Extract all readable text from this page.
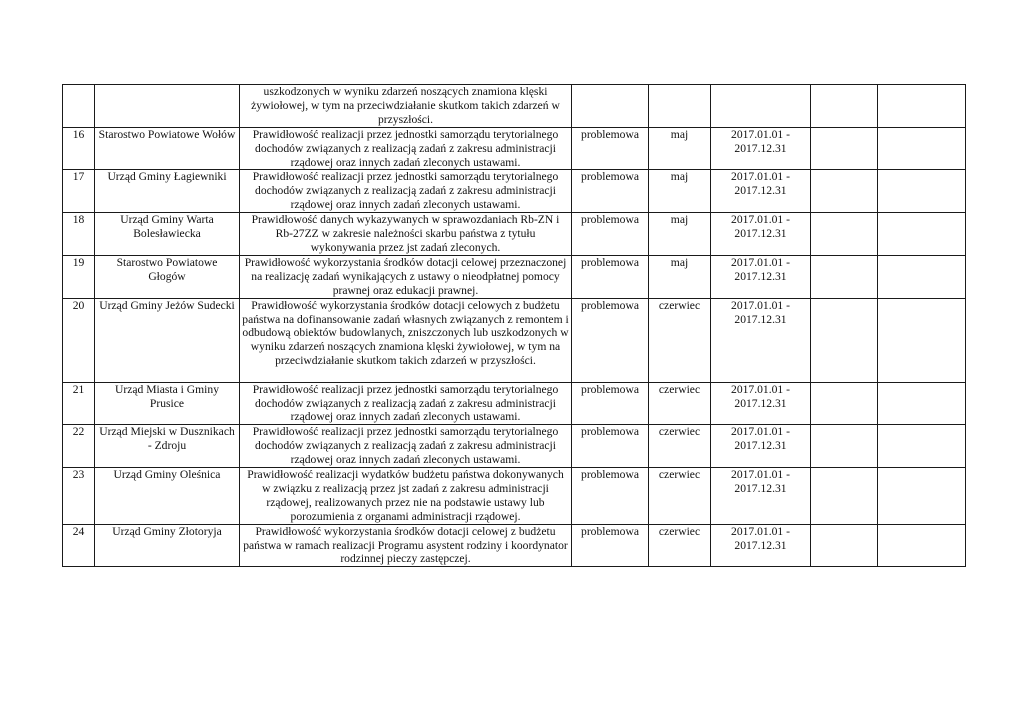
		uszkodzonych w wyniku zdarzeń noszących znamiona klęski żywiołowej, w tym na przeciwdziałanie skutkom takich zdarzeń w przyszłości.					
16	Starostwo Powiatowe Wołów	Prawidłowość realizacji przez jednostki samorządu terytorialnego dochodów związanych z realizacją zadań z zakresu administracji rządowej oraz innych zadań zleconych ustawami.	problemowa	maj	2017.01.01 - 2017.12.31		
17	Urząd Gminy Łagiewniki	Prawidłowość realizacji przez jednostki samorządu terytorialnego dochodów związanych z realizacją zadań z zakresu administracji rządowej oraz innych zadań zleconych ustawami.	problemowa	maj	2017.01.01 - 2017.12.31		
18	Urząd Gminy Warta Bolesławiecka	Prawidłowość danych wykazywanych w sprawozdaniach Rb-ZN i Rb-27ZZ w zakresie należności skarbu państwa z tytułu wykonywania przez jst zadań zleconych.	problemowa	maj	2017.01.01 - 2017.12.31		
19	Starostwo Powiatowe Głogów	Prawidłowość wykorzystania środków dotacji celowej przeznaczonej na realizację zadań wynikających z ustawy o nieodpłatnej pomocy prawnej oraz edukacji prawnej.	problemowa	maj	2017.01.01 - 2017.12.31		
20	Urząd Gminy Jeżów Sudecki	Prawidłowość wykorzystania środków dotacji celowych z budżetu państwa na dofinansowanie zadań własnych związanych z remontem i odbudową obiektów budowlanych, zniszczonych lub uszkodzonych w wyniku zdarzeń noszących znamiona klęski żywiołowej, w tym na przeciwdziałanie skutkom takich zdarzeń w przyszłości.	problemowa	czerwiec	2017.01.01 - 2017.12.31		
21	Urząd Miasta i Gminy Prusice	Prawidłowość realizacji przez jednostki samorządu terytorialnego dochodów związanych z realizacją zadań z zakresu administracji rządowej oraz innych zadań zleconych ustawami.	problemowa	czerwiec	2017.01.01 - 2017.12.31		
22	Urząd Miejski w Dusznikach - Zdroju	Prawidłowość realizacji przez jednostki samorządu terytorialnego dochodów związanych z realizacją zadań z zakresu administracji rządowej oraz innych zadań zleconych ustawami.	problemowa	czerwiec	2017.01.01 - 2017.12.31		
23	Urząd Gminy Oleśnica	Prawidłowość realizacji wydatków budżetu państwa dokonywanych w związku z realizacją przez jst zadań z zakresu administracji rządowej, realizowanych przez nie na podstawie ustawy lub porozumienia z organami administracji rządowej.	problemowa	czerwiec	2017.01.01 - 2017.12.31		
24	Urząd Gminy Złotoryja	Prawidłowość wykorzystania środków dotacji celowej z budżetu państwa w ramach realizacji Programu asystent rodziny i koordynator rodzinnej pieczy zastępczej.	problemowa	czerwiec	2017.01.01 - 2017.12.31		
